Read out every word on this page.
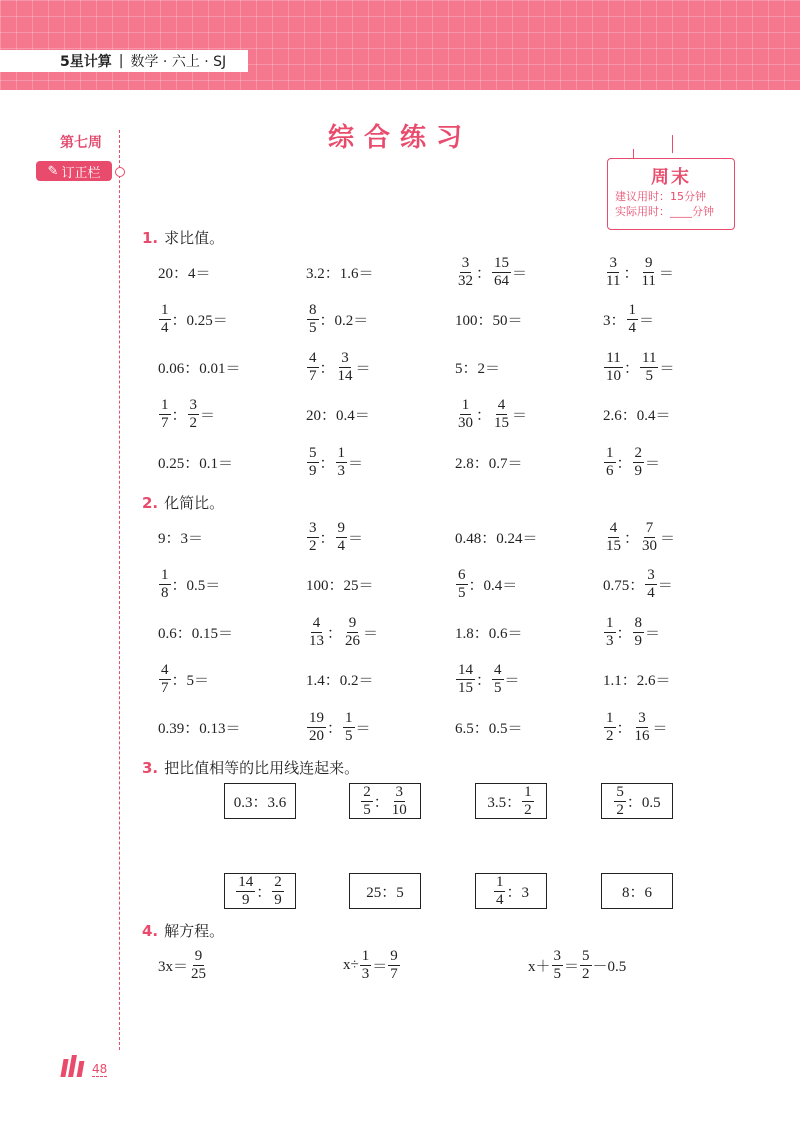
5星计算 | 数学 · 六上 · SJ
第七周
✎ 订正栏
综合练习
周末
建议用时：15分钟
实际用时：____分钟
1. 求比值。
2. 化简比。
3. 把比值相等的比用线连起来。
4. 解方程。
20：4＝	3.2：1.6＝	$\frac{3}{32}$ ： $\frac{15}{64}$ ＝	$\frac{3}{11}$ ： $\frac{9}{11}$ ＝
$\frac{1}{4}$ ：0.25＝	$\frac{8}{5}$ ：0.2＝	100：50＝	3： $\frac{1}{4}$ ＝
0.06：0.01＝	$\frac{4}{7}$ ： $\frac{3}{14}$ ＝	5：2＝	$\frac{11}{10}$ ： $\frac{11}{5}$ ＝
$\frac{1}{7}$ ： $\frac{3}{2}$ ＝	20：0.4＝	$\frac{1}{30}$ ： $\frac{4}{15}$ ＝	2.6：0.4＝
0.25：0.1＝	$\frac{5}{9}$ ： $\frac{1}{3}$ ＝	2.8：0.7＝	$\frac{1}{6}$ ： $\frac{2}{9}$ ＝
9：3＝	$\frac{3}{2}$ ： $\frac{9}{4}$ ＝	0.48：0.24＝	$\frac{4}{15}$ ： $\frac{7}{30}$ ＝
$\frac{1}{8}$ ：0.5＝	100：25＝	$\frac{6}{5}$ ：0.4＝	0.75： $\frac{3}{4}$ ＝
0.6：0.15＝	$\frac{4}{13}$ ： $\frac{9}{26}$ ＝	1.8：0.6＝	$\frac{1}{3}$ ： $\frac{8}{9}$ ＝
$\frac{4}{7}$ ：5＝	1.4：0.2＝	$\frac{14}{15}$ ： $\frac{4}{5}$ ＝	1.1：2.6＝
0.39：0.13＝	$\frac{19}{20}$ ： $\frac{1}{5}$ ＝	6.5：0.5＝	$\frac{1}{2}$ ： $\frac{3}{16}$ ＝
0.3：3.6	$\frac{2}{5}$ ： $\frac{3}{10}$	3.5： $\frac{1}{2}$	$\frac{5}{2}$ ：0.5
$\frac{14}{9}$ ： $\frac{2}{9}$	25：5	$\frac{1}{4}$ ：3	8：6
$3x= \frac{9}{25}$	$x\div \frac{1}{3} = \frac{9}{7}$	$x+ \frac{3}{5} = \frac{5}{2} -0.5$
48
